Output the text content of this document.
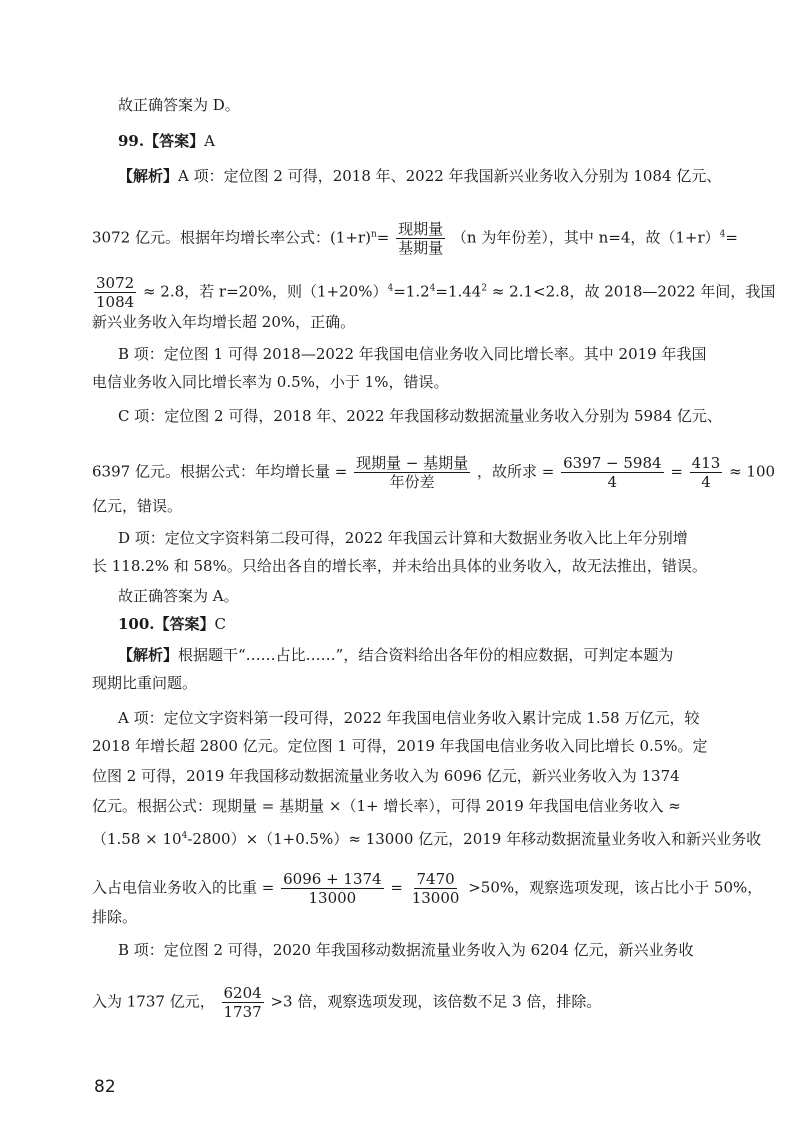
故正确答案为 D。
99.【答案】A
【解析】A 项：定位图 2 可得，2018 年、2022 年我国新兴业务收入分别为 1084 亿元、
3072 亿元。根据年均增长率公式：$(1+r)^n= \frac{\text{现期量}}{\text{基期量}} (n$ 为年份差），其中 n=4，故$(1+r)^4=$
$\frac{3072}{1084} \approx 2.8$，若 r=20%，则$(1+20\%)^4=1.2^4=1.44^2 \approx 2.1<2.8$，故 2018—2022 年间，我国
新兴业务收入年均增长超 20%，正确。
B 项：定位图 1 可得 2018—2022 年我国电信业务收入同比增长率。其中 2019 年我国
电信业务收入同比增长率为 0.5%，小于 1%，错误。
C 项：定位图 2 可得，2018 年、2022 年我国移动数据流量业务收入分别为 5984 亿元、
6397 亿元。根据公式：年均增长量 = $\frac{\text{现期量 − 基期量}}{\text{年份差}}$ ，故所求 = $\frac{6397 - 5984}{4} = \frac{413}{4} \approx 100$
亿元，错误。
D 项：定位文字资料第二段可得，2022 年我国云计算和大数据业务收入比上年分别增
长 118.2% 和 58%。只给出各自的增长率，并未给出具体的业务收入，故无法推出，错误。
故正确答案为 A。
100.【答案】C
【解析】根据题干“……占比……”，结合资料给出各年份的相应数据，可判定本题为
现期比重问题。
A 项：定位文字资料第一段可得，2022 年我国电信业务收入累计完成 1.58 万亿元，较
2018 年增长超 2800 亿元。定位图 1 可得，2019 年我国电信业务收入同比增长 0.5%。定
位图 2 可得，2019 年我国移动数据流量业务收入为 6096 亿元，新兴业务收入为 1374
亿元。根据公式：现期量 = 基期量 ×（1+ 增长率），可得 2019 年我国电信业务收入 ≈
$(1.58 \times 10^4-2800)\times(1+0.5\%)\approx 13000$ 亿元，2019 年移动数据流量业务收入和新兴业务收
入占电信业务收入的比重 = $\frac{6096 + 1374}{13000} = \frac{7470}{13000} >50\%$，观察选项发现，该占比小于 50%，
排除。
B 项：定位图 2 可得，2020 年我国移动数据流量业务收入为 6204 亿元，新兴业务收
入为 1737 亿元， $\frac{6204}{1737} >3$ 倍，观察选项发现，该倍数不足 3 倍，排除。
82
